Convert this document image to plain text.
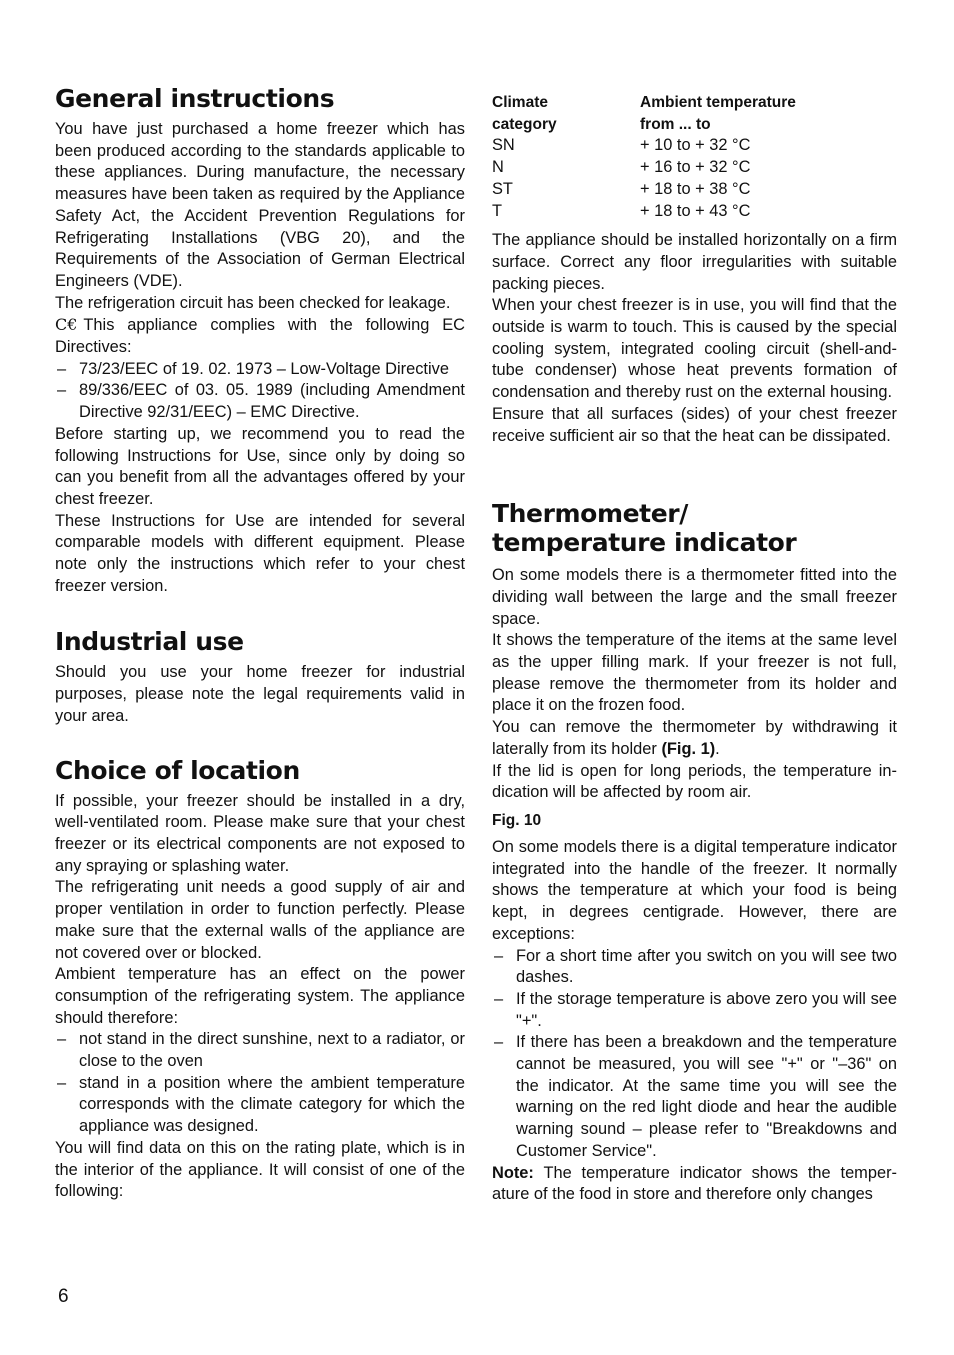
General instructions

You have just purchased a home freezer which has been produced according to the standards applicable to these appliances. During manufacture, the necessary measures have been taken as required by the Appliance Safety Act, the Accident Prevention Regulations for Refrigerating Installations (VBG 20), and the Requirements of the Association of German Electrical Engineers (VDE).

The refrigeration circuit has been checked for leakage.

C€ This appliance complies with the following EC Directives:

– 73/23/EEC of 19. 02. 1973 – Low-Voltage Directive
– 89/336/EEC of 03. 05. 1989 (including Amendment Directive 92/31/EEC) – EMC Directive.

Before starting up, we recommend you to read the following Instructions for Use, since only by doing so can you benefit from all the advantages offered by your chest freezer.

These Instructions for Use are intended for several comparable models with different equipment. Please note only the instructions which refer to your chest freezer version.

Industrial use

Should you use your home freezer for industrial purposes, please note the legal requirements valid in your area.

Choice of location

If possible, your freezer should be installed in a dry, well-ventilated room. Please make sure that your chest freezer or its electrical components are not exposed to any spraying or splashing water.

The refrigerating unit needs a good supply of air and proper ventilation in order to function perfectly. Please make sure that the external walls of the appliance are not covered over or blocked.

Ambient temperature has an effect on the power consumption of the refrigerating system. The appliance should therefore:

– not stand in the direct sunshine, next to a radiator, or close to the oven
– stand in a position where the ambient temperature corresponds with the climate category for which the appliance was designed.

You will find data on this on the rating plate, which is in the interior of the appliance. It will consist of one of the following:

Climate	Ambient temperature
category	from ... to
SN	+ 10 to + 32 °C
N	+ 16 to + 32 °C
ST	+ 18 to + 38 °C
T	+ 18 to + 43 °C

The appliance should be installed horizontally on a firm surface. Correct any floor irregularities with suitable packing pieces.

When your chest freezer is in use, you will find that the outside is warm to touch. This is caused by the special cooling system, integrated cooling circuit (shell-and-tube condenser) whose heat prevents formation of condensation and thereby rust on the external housing.

Ensure that all surfaces (sides) of your chest freezer receive sufficient air so that the heat can be dissipated.

Thermometer/
temperature indicator

On some models there is a thermometer fitted into the dividing wall between the large and the small freezer space.

It shows the temperature of the items at the same level as the upper filling mark. If your freezer is not full, please remove the thermometer from its holder and place it on the frozen food.

You can remove the thermometer by withdrawing it laterally from its holder (Fig. 1).

If the lid is open for long periods, the temperature indication will be affected by room air.

Fig. 10

On some models there is a digital temperature indicator integrated into the handle of the freezer. It normally shows the temperature at which your food is being kept, in degrees centigrade. However, there are exceptions:

– For a short time after you switch on you will see two dashes.
– If the storage temperature is above zero you will see "+".
– If there has been a breakdown and the temperature cannot be measured, you will see "+" or "–36" on the indicator. At the same time you will see the warning on the red light diode and hear the audible warning sound – please refer to "Breakdowns and Customer Service".

Note: The temperature indicator shows the temperature of the food in store and therefore only changes

6
